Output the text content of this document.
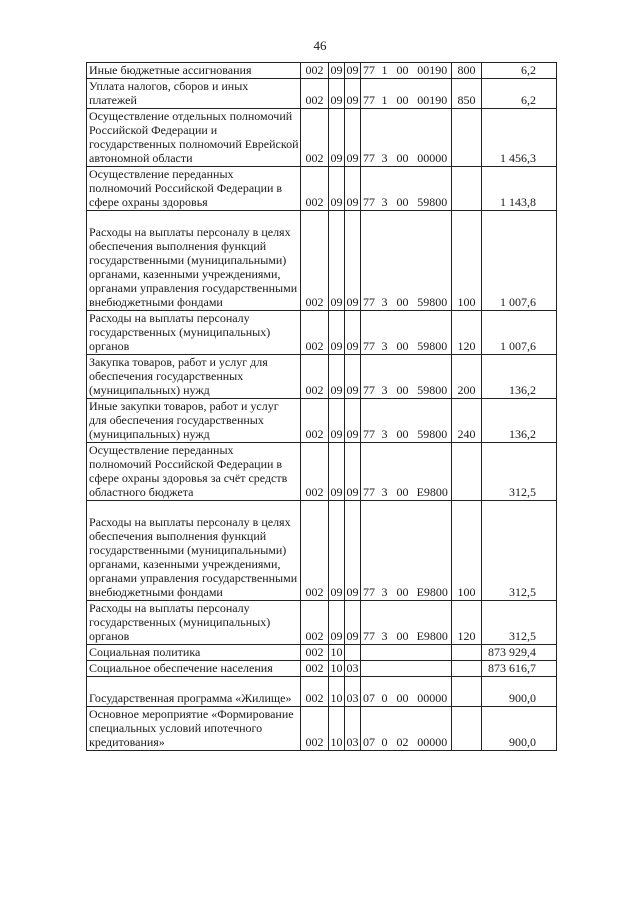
46
Иные бюджетные ассигнования	002	09	09	77	1	00	00190	800	6,2

Уплата налогов, сборов и иных платежей	002	09	09	77	1	00	00190	850	6,2

Осуществление отдельных полномочий Российской Федерации и государственных полномочий Еврейской автономной области	002	09	09	77	3	00	00000		1 456,3

Осуществление переданных полномочий Российской Федерации в сфере охраны здоровья	002	09	09	77	3	00	59800		1 143,8

Расходы на выплаты персоналу в целях обеспечения выполнения функций государственными (муниципальными) органами, казенными учреждениями, органами управления государственными внебюджетными фондами	002	09	09	77	3	00	59800	100	1 007,6

Расходы на выплаты персоналу государственных (муниципальных) органов	002	09	09	77	3	00	59800	120	1 007,6

Закупка товаров, работ и услуг для обеспечения государственных (муниципальных) нужд	002	09	09	77	3	00	59800	200	136,2

Иные закупки товаров, работ и услуг для обеспечения государственных (муниципальных) нужд	002	09	09	77	3	00	59800	240	136,2

Осуществление переданных полномочий Российской Федерации в сфере охраны здоровья за счёт средств областного бюджета	002	09	09	77	3	00	Е9800		312,5

Расходы на выплаты персоналу в целях обеспечения выполнения функций государственными (муниципальными) органами, казенными учреждениями, органами управления государственными внебюджетными фондами	002	09	09	77	3	00	Е9800	100	312,5

Расходы на выплаты персоналу государственных (муниципальных) органов	002	09	09	77	3	00	Е9800	120	312,5

Социальная политика	002	10							873 929,4

Социальное обеспечение населения	002	10	03						873 616,7

Государственная программа «Жилище»	002	10	03	07	0	00	00000		900,0

Основное мероприятие «Формирование специальных условий ипотечного кредитования»	002	10	03	07	0	02	00000		900,0
